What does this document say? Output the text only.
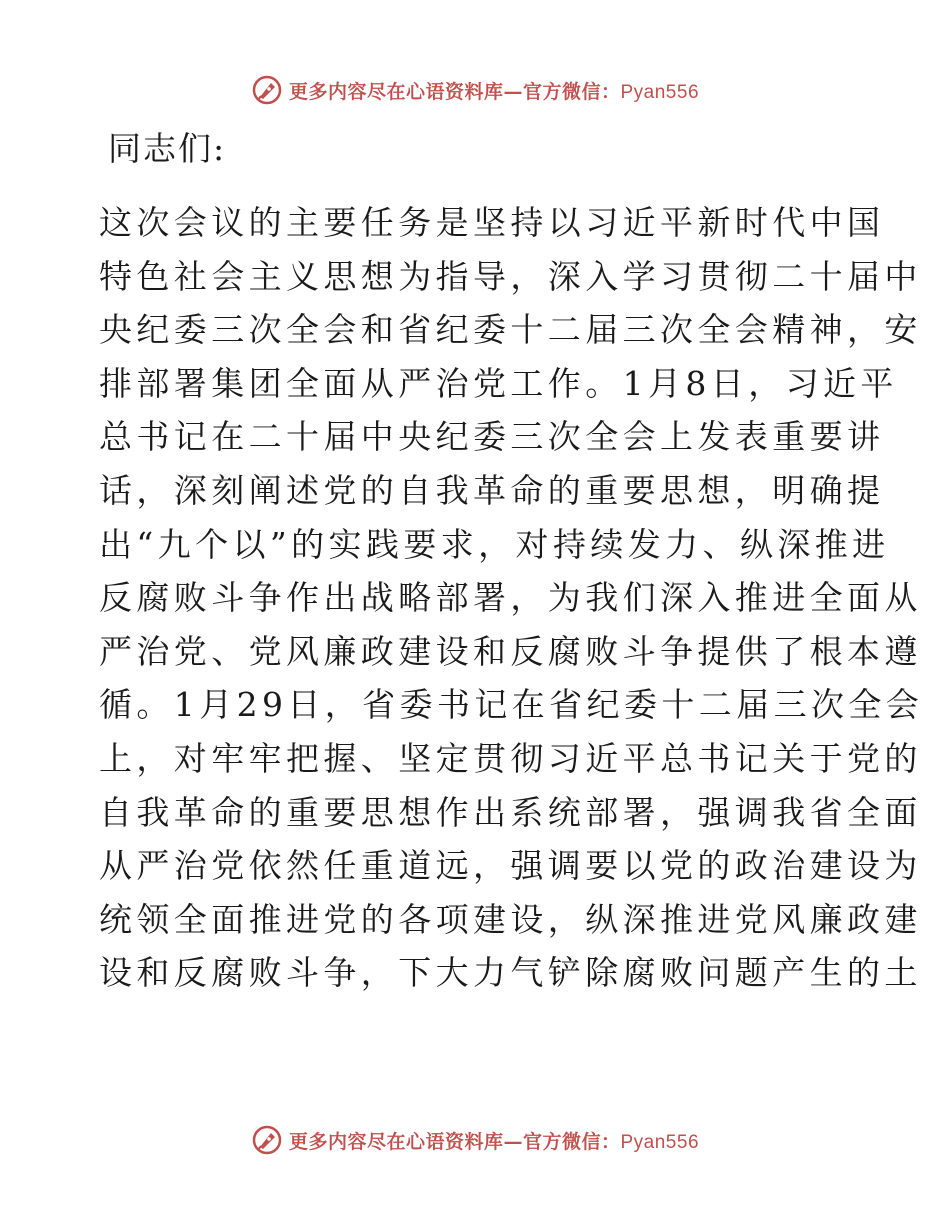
更多内容尽在心语资料库—官方微信：Pyan556

同志们:

这次会议的主要任务是坚持以习近平新时代中国
特色社会主义思想为指导，深入学习贯彻二十届中
央纪委三次全会和省纪委十二届三次全会精神，安
排部署集团全面从严治党工作。1月8日，习近平
总书记在二十届中央纪委三次全会上发表重要讲
话，深刻阐述党的自我革命的重要思想，明确提
出“九个以”的实践要求，对持续发力、纵深推进
反腐败斗争作出战略部署，为我们深入推进全面从
严治党、党风廉政建设和反腐败斗争提供了根本遵
循。1月29日，省委书记在省纪委十二届三次全会
上，对牢牢把握、坚定贯彻习近平总书记关于党的
自我革命的重要思想作出系统部署，强调我省全面
从严治党依然任重道远，强调要以党的政治建设为
统领全面推进党的各项建设，纵深推进党风廉政建
设和反腐败斗争，下大力气铲除腐败问题产生的土
更多内容尽在心语资料库—官方微信：Pyan556
